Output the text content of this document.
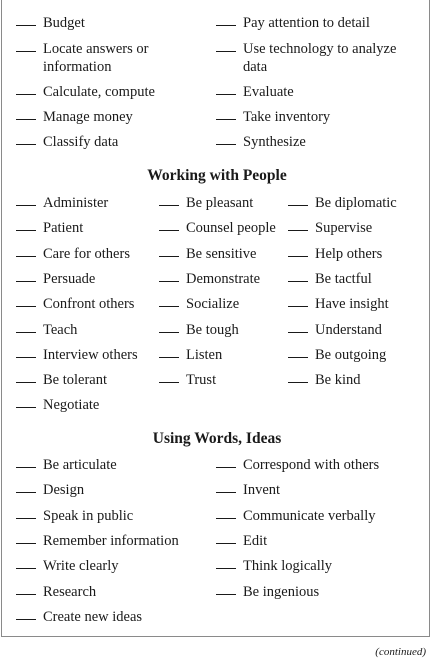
Budget
Locate answers or information
Calculate, compute
Manage money
Classify data
Pay attention to detail
Use technology to analyze data
Evaluate
Take inventory
Synthesize
Working with People
Administer
Patient
Care for others
Persuade
Confront others
Teach
Interview others
Be tolerant
Negotiate
Be pleasant
Counsel people
Be sensitive
Demonstrate
Socialize
Be tough
Listen
Trust
Be diplomatic
Supervise
Help others
Be tactful
Have insight
Understand
Be outgoing
Be kind
Using Words, Ideas
Be articulate
Design
Speak in public
Remember information
Write clearly
Research
Create new ideas
Correspond with others
Invent
Communicate verbally
Edit
Think logically
Be ingenious
(continued)
